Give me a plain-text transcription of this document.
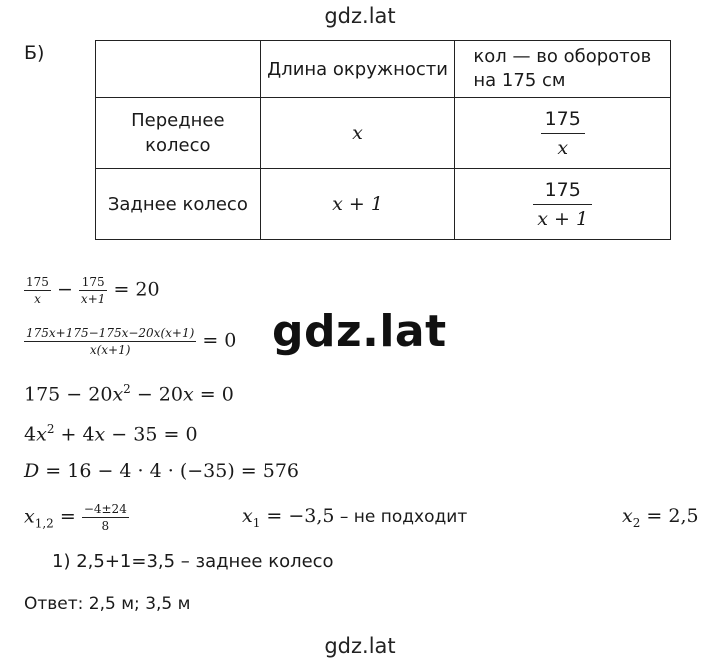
gdz.lat
Б)
	Длина окружности	кол — во оборотов на 175 см
Переднее колесо	x	$\frac{175}{x}$

Заднее колесо	x + 1	$\frac{175}{x + 1}$
$\frac{175}{x} - \frac{175}{x+1} = 20$
$\frac{175x+175-175x-20x(x+1)}{x(x+1)} = 0$ gdz.lat
$175 - 20x^2 - 20x = 0$
$4x^2 + 4x - 35 = 0$
D = 16 − 4 · 4 · (−35) = 576
$x_{1,2} = \frac{-4\pm 24}{8}$	$x_1 = -3,5$ – не подходит	$x_2 = 2,5$
1) 2,5+1=3,5 – заднее колесо
Ответ: 2,5 м; 3,5 м
gdz.lat
